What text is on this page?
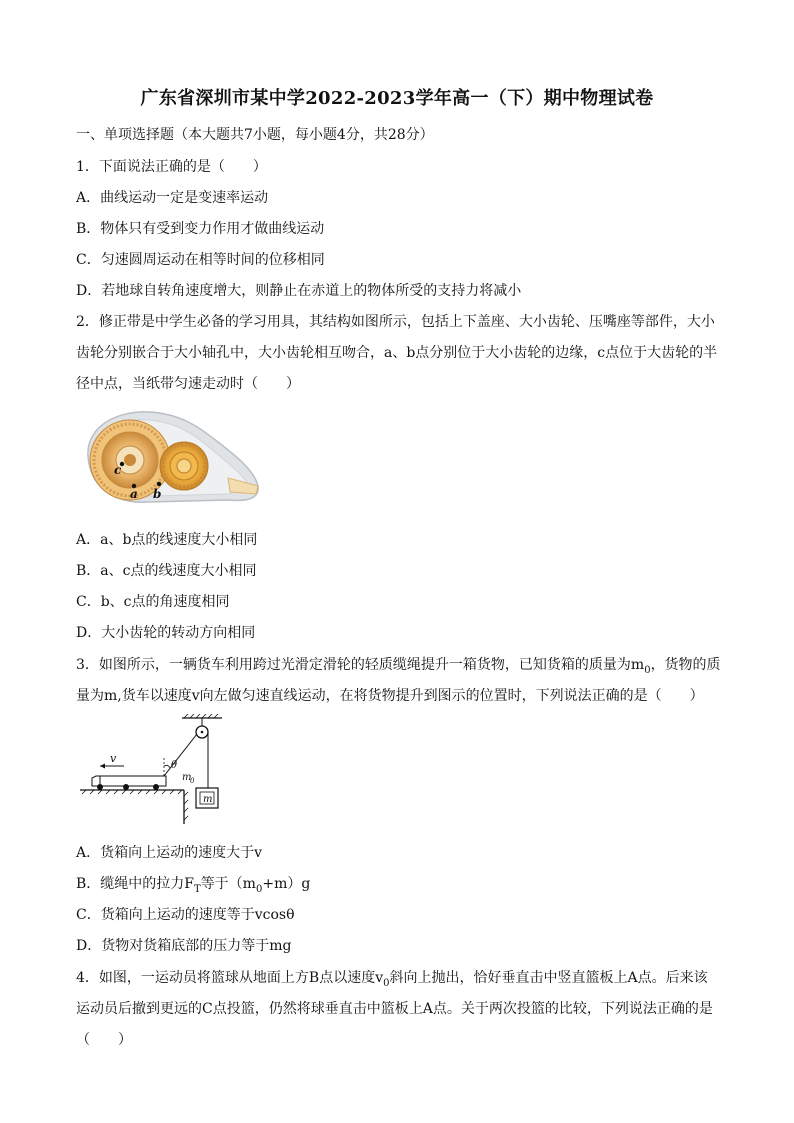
广东省深圳市某中学2022-2023学年高一（下）期中物理试卷
一、单项选择题（本大题共7小题，每小题4分，共28分）
1．下面说法正确的是（　　）
A．曲线运动一定是变速率运动
B．物体只有受到变力作用才做曲线运动
C．匀速圆周运动在相等时间的位移相同
D．若地球自转角速度增大，则静止在赤道上的物体所受的支持力将减小
2．修正带是中学生必备的学习用具，其结构如图所示，包括上下盖座、大小齿轮、压嘴座等部件，大小
齿轮分别嵌合于大小轴孔中，大小齿轮相互吻合，a、b点分别位于大小齿轮的边缘，c点位于大齿轮的半
径中点，当纸带匀速走动时（　　）
c
a b
A．a、b点的线速度大小相同
B．a、c点的线速度大小相同
C．b、c点的角速度相同
D．大小齿轮的转动方向相同
3．如图所示，一辆货车利用跨过光滑定滑轮的轻质缆绳提升一箱货物，已知货箱的质量为$m_0$，货物的质
量为m,货车以速度v向左做匀速直线运动，在将货物提升到图示的位置时，下列说法正确的是（　　）
θ
v
m
0
m
A．货箱向上运动的速度大于v
B．缆绳中的拉力$F_T$等于$(m_0+m)g$
C．货箱向上运动的速度等于vcosθ
D．货物对货箱底部的压力等于mg
4．如图，一运动员将篮球从地面上方B点以速度$v_0$斜向上抛出，恰好垂直击中竖直篮板上A点。后来该
运动员后撤到更远的C点投篮，仍然将球垂直击中篮板上A点。关于两次投篮的比较，下列说法正确的是
（　　）
